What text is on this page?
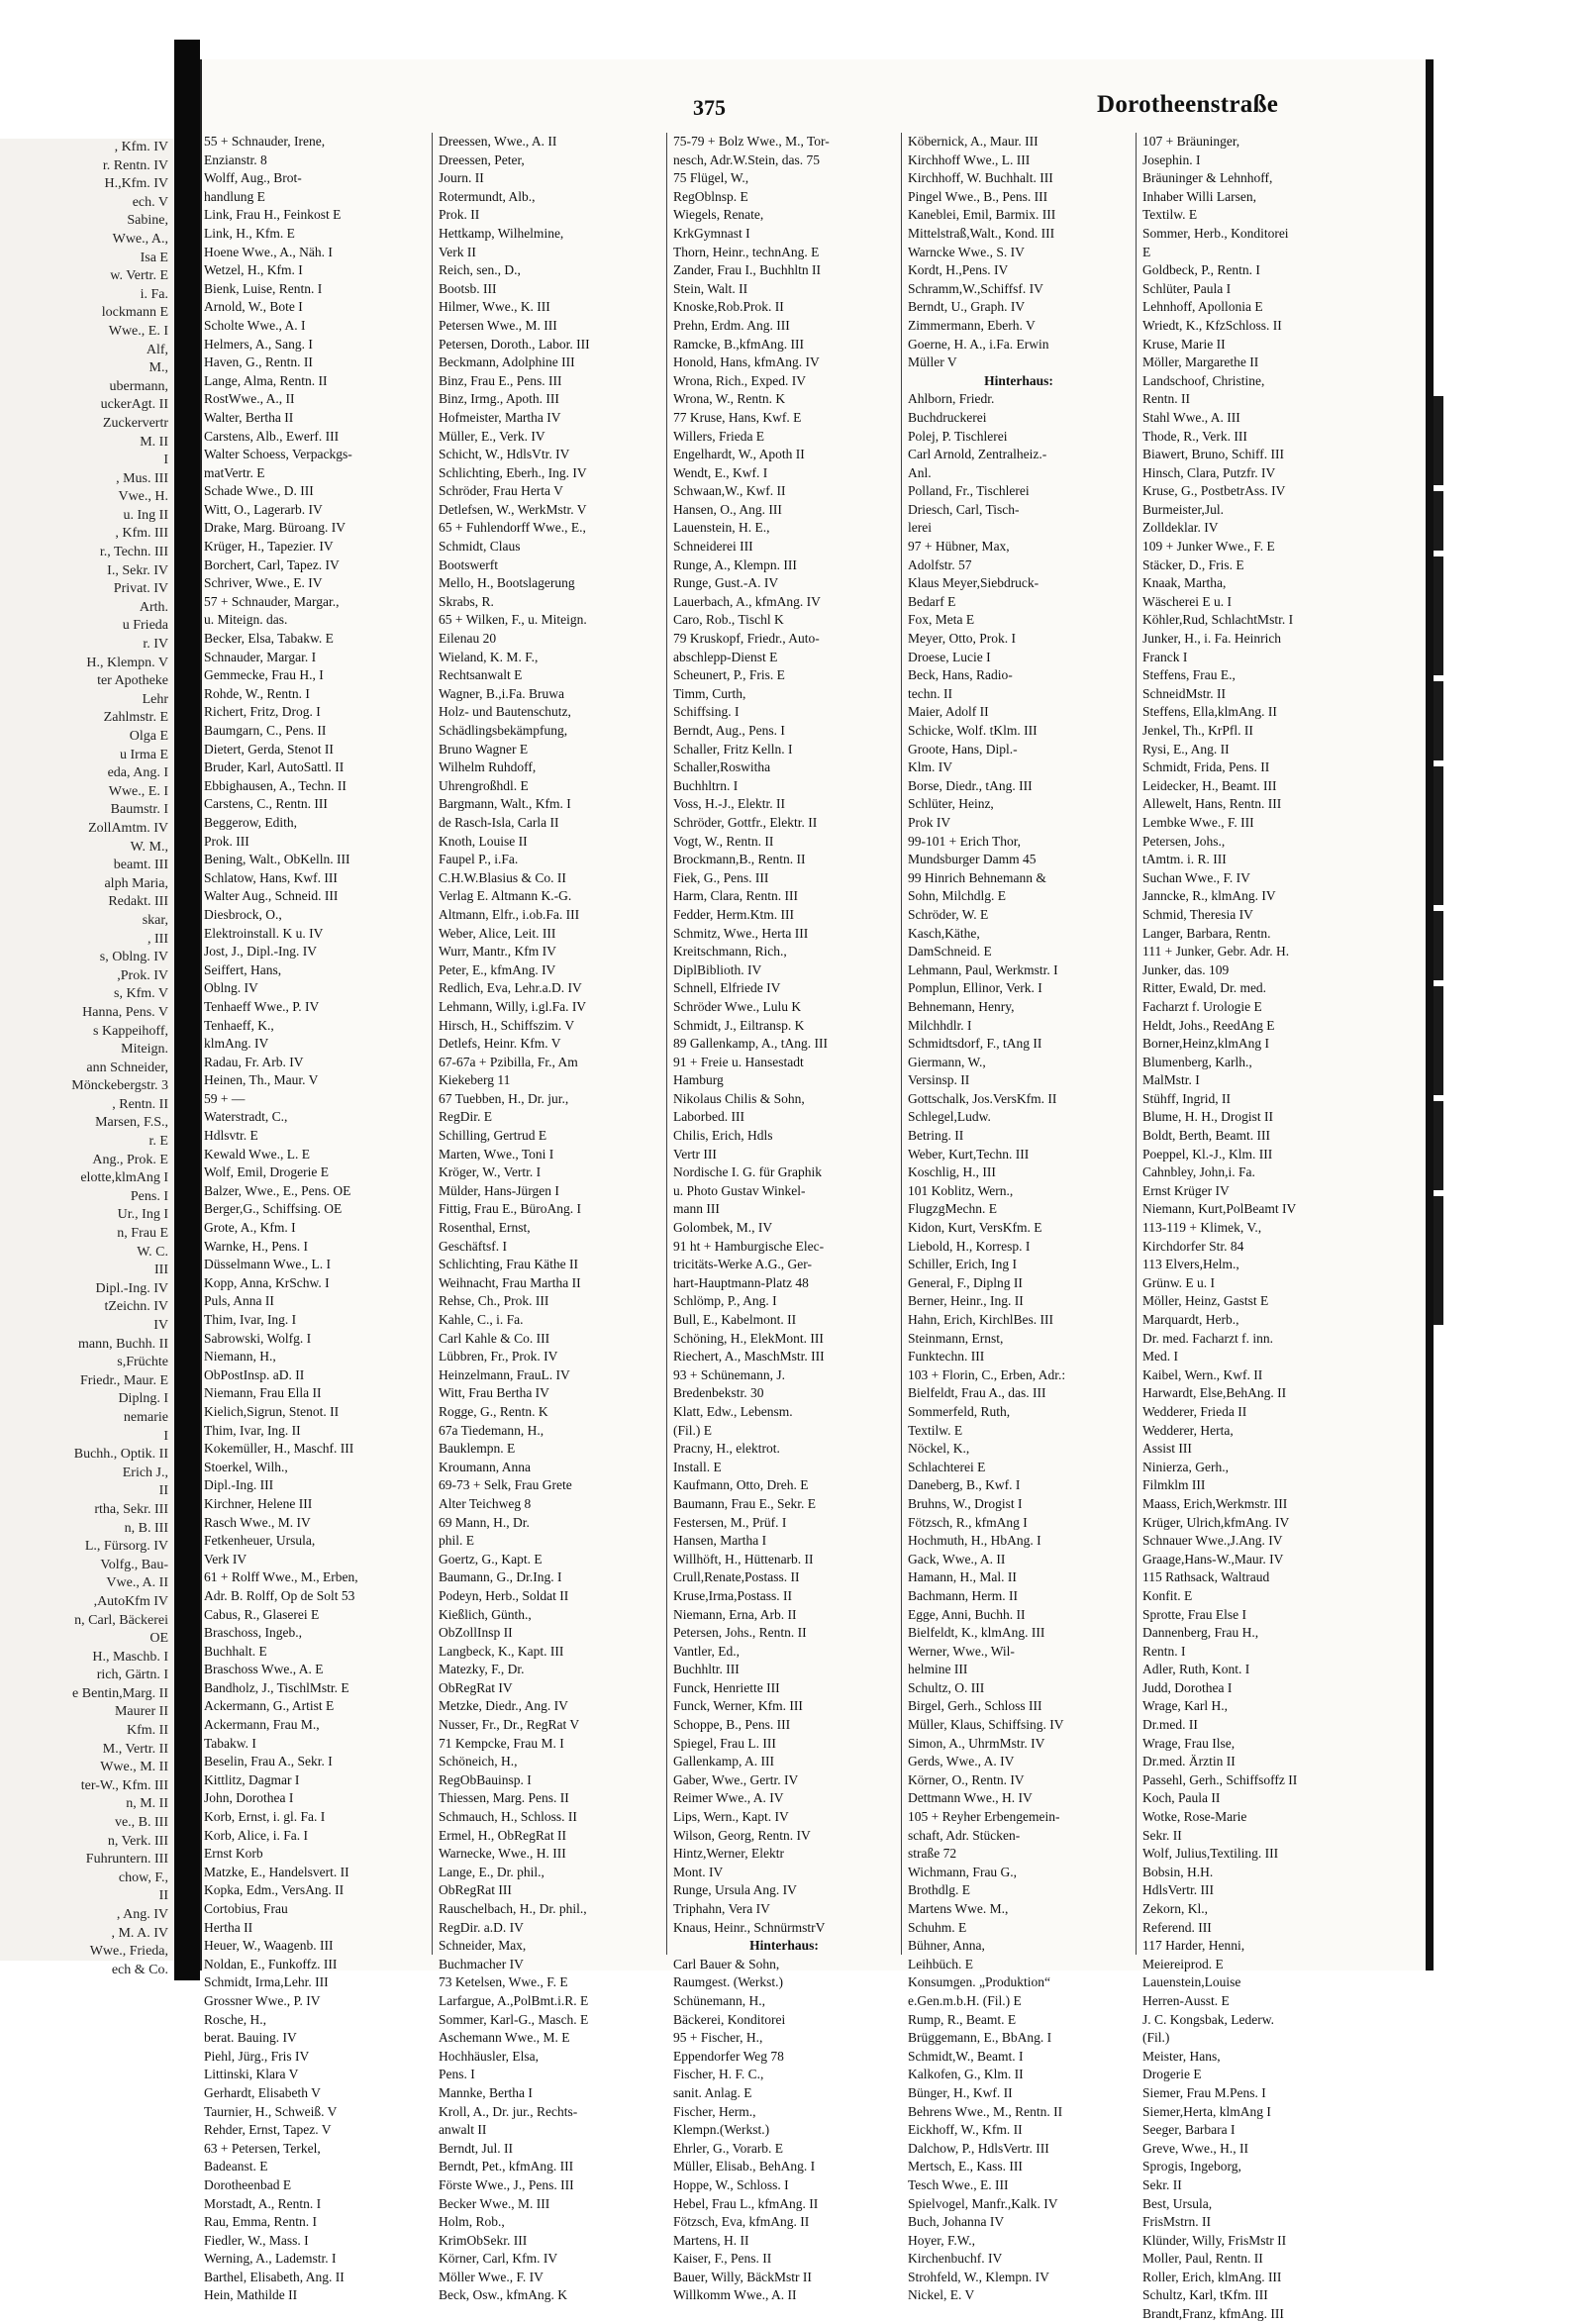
, Kfm. IV
r. Rentn. IV
H.,Kfm. IV
ech. V
Sabine,
Wwe., A.,
Isa E
w. Vertr. E
i. Fa.
lockmann E
Wwe., E. I
Alf,
M.,
ubermann,
uckerAgt. II
Zuckervertr
M. II
I
, Mus. III
Vwe., H.
u. Ing II
, Kfm. III
r., Techn. III
I., Sekr. IV
Privat. IV
Arth.
u Frieda
r. IV
H., Klempn. V
ter Apotheke
Lehr
Zahlmstr. E
Olga E
u Irma E
eda, Ang. I
Wwe., E. I
Baumstr. I
ZollAmtm. IV
W. M.,
beamt. III
alph Maria,
Redakt. III
skar,
, III
s, Oblng. IV
,Prok. IV
s, Kfm. V
Hanna, Pens. V
s Kappeihoff,
Miteign.
ann Schneider,
Mönckebergstr. 3
, Rentn. II
Marsen, F.S.,
r. E
Ang., Prok. E
elotte,klmAng I
Pens. I
Ur., Ing I
n, Frau E
W. C.
III
Dipl.-Ing. IV
tZeichn. IV
IV
mann, Buchh. II
s,Früchte
Friedr., Maur. E
Diplng. I
nemarie
I
Buchh., Optik. II
Erich J.,
II
rtha, Sekr. III
n, B. III
L., Fürsorg. IV
Volfg., Bau-
Vwe., A. II
,AutoKfm IV
n, Carl, Bäckerei
OE
H., Maschb. I
rich, Gärtn. I
e Bentin,Marg. II
Maurer II
Kfm. II
M., Vertr. II
Wwe., M. II
ter-W., Kfm. III
n, M. II
ve., B. III
n, Verk. III
Fuhruntern. III
chow, F.,
II
, Ang. IV
, M. A. IV
Wwe., Frieda,
ech & Co.
375	Dorotheenstraße
55 + Schnauder, Irene,
Enzianstr. 8
Wolff, Aug., Brot-
handlung E
Link, Frau H., Feinkost E
Link, H., Kfm. E
Hoene Wwe., A., Näh. I
Wetzel, H., Kfm. I
Bienk, Luise, Rentn. I
Arnold, W., Bote I
Scholte Wwe., A. I
Helmers, A., Sang. I
Haven, G., Rentn. II
Lange, Alma, Rentn. II
RostWwe., A., II
Walter, Bertha II
Carstens, Alb., Ewerf. III
Walter Schoess, Verpackgs-
matVertr. E
Schade Wwe., D. III
Witt, O., Lagerarb. IV
Drake, Marg. Büroang. IV
Krüger, H., Tapezier. IV
Borchert, Carl, Tapez. IV
Schriver, Wwe., E. IV
57 + Schnauder, Margar.,
u. Miteign. das.
Becker, Elsa, Tabakw. E
Schnauder, Margar. I
Gemmecke, Frau H., I
Rohde, W., Rentn. I
Richert, Fritz, Drog. I
Baumgarn, C., Pens. II
Dietert, Gerda, Stenot II
Bruder, Karl, AutoSattl. II
Ebbighausen, A., Techn. II
Carstens, C., Rentn. III
Beggerow, Edith,
Prok. III
Bening, Walt., ObKelln. III
Schlatow, Hans, Kwf. III
Walter Aug., Schneid. III
Diesbrock, O.,
Elektroinstall. K u. IV
Jost, J., Dipl.-Ing. IV
Seiffert, Hans,
Oblng. IV
Tenhaeff Wwe., P. IV
Tenhaeff, K.,
klmAng. IV
Radau, Fr. Arb. IV
Heinen, Th., Maur. V
59 + —
Waterstradt, C.,
Hdlsvtr. E
Kewald Wwe., L. E
Wolf, Emil, Drogerie E
Balzer, Wwe., E., Pens. OE
Berger,G., Schiffsing. OE
Grote, A., Kfm. I
Warnke, H., Pens. I
Düsselmann Wwe., L. I
Kopp, Anna, KrSchw. I
Puls, Anna II
Thim, Ivar, Ing. I
Sabrowski, Wolfg. I
Niemann, H.,
ObPostInsp. aD. II
Niemann, Frau Ella II
Kielich,Sigrun, Stenot. II
Thim, Ivar, Ing. II
Kokemüller, H., Maschf. III
Stoerkel, Wilh.,
Dipl.-Ing. III
Kirchner, Helene III
Rasch Wwe., M. IV
Fetkenheuer, Ursula,
Verk IV
61 + Rolff Wwe., M., Erben,
Adr. B. Rolff, Op de Solt 53
Cabus, R., Glaserei E
Braschoss, Ingeb.,
Buchhalt. E
Braschoss Wwe., A. E
Bandholz, J., TischlMstr. E
Ackermann, G., Artist E
Ackermann, Frau M.,
Tabakw. I
Beselin, Frau A., Sekr. I
Kittlitz, Dagmar I
John, Dorothea I
Korb, Ernst, i. gl. Fa. I
Korb, Alice, i. Fa. I
Ernst Korb
Matzke, E., Handelsvert. II
Kopka, Edm., VersAng. II
Cortobius, Frau
Hertha II
Heuer, W., Waagenb. III
Noldan, E., Funkoffz. III
Schmidt, Irma,Lehr. III
Grossner Wwe., P. IV
Rosche, H.,
berat. Bauing. IV
Piehl, Jürg., Fris IV
Littinski, Klara V
Gerhardt, Elisabeth V
Taurnier, H., Schweiß. V
Rehder, Ernst, Tapez. V
63 + Petersen, Terkel,
Badeanst. E
Dorotheenbad E
Morstadt, A., Rentn. I
Rau, Emma, Rentn. I
Fiedler, W., Mass. I
Werning, A., Lademstr. I
Barthel, Elisabeth, Ang. II
Hein, Mathilde II
Dreessen, Wwe., A. II
Dreessen, Peter,
Journ. II
Rotermundt, Alb.,
Prok. II
Hettkamp, Wilhelmine,
Verk II
Reich, sen., D.,
Bootsb. III
Hilmer, Wwe., K. III
Petersen Wwe., M. III
Petersen, Doroth., Labor. III
Beckmann, Adolphine III
Binz, Frau E., Pens. III
Binz, Irmg., Apoth. III
Hofmeister, Martha IV
Müller, E., Verk. IV
Schicht, W., HdlsVtr. IV
Schlichting, Eberh., Ing. IV
Schröder, Frau Herta V
Detlefsen, W., WerkMstr. V
65 + Fuhlendorff Wwe., E.,
Schmidt, Claus
Bootswerft
Mello, H., Bootslagerung
Skrabs, R.
65 + Wilken, F., u. Miteign.
Eilenau 20
Wieland, K. M. F.,
Rechtsanwalt E
Wagner, B.,i.Fa. Bruwa
Holz- und Bautenschutz,
Schädlingsbekämpfung,
Bruno Wagner E
Wilhelm Ruhdoff,
Uhrengroßhdl. E
Bargmann, Walt., Kfm. I
de Rasch-Isla, Carla II
Knoth, Louise II
Faupel P., i.Fa.
C.H.W.Blasius & Co. II
Verlag E. Altmann K.-G.
Altmann, Elfr., i.ob.Fa. III
Weber, Alice, Leit. III
Wurr, Mantr., Kfm IV
Peter, E., kfmAng. IV
Redlich, Eva, Lehr.a.D. IV
Lehmann, Willy, i.gl.Fa. IV
Hirsch, H., Schiffszim. V
Detlefs, Heinr. Kfm. V
67-67a + Pzibilla, Fr., Am
Kiekeberg 11
67 Tuebben, H., Dr. jur.,
RegDir. E
Schilling, Gertrud E
Marten, Wwe., Toni I
Kröger, W., Vertr. I
Mülder, Hans-Jürgen I
Fittig, Frau E., BüroAng. I
Rosenthal, Ernst,
Geschäftsf. I
Schlichting, Frau Käthe II
Weihnacht, Frau Martha II
Rehse, Ch., Prok. III
Kahle, C., i. Fa.
Carl Kahle & Co. III
Lübbren, Fr., Prok. IV
Heinzelmann, FrauL. IV
Witt, Frau Bertha IV
Rogge, G., Rentn. K
67a Tiedemann, H.,
Bauklempn. E
Kroumann, Anna
69-73 + Selk, Frau Grete
Alter Teichweg 8
69 Mann, H., Dr.
phil. E
Goertz, G., Kapt. E
Baumann, G., Dr.Ing. I
Podeyn, Herb., Soldat II
Kießlich, Günth.,
ObZollInsp II
Langbeck, K., Kapt. III
Matezky, F., Dr.
ObRegRat IV
Metzke, Diedr., Ang. IV
Nusser, Fr., Dr., RegRat V
71 Kempcke, Frau M. I
Schöneich, H.,
RegObBauinsp. I
Thiessen, Marg. Pens. II
Schmauch, H., Schloss. II
Ermel, H., ObRegRat II
Warnecke, Wwe., H. III
Lange, E., Dr. phil.,
ObRegRat III
Rauschelbach, H., Dr. phil.,
RegDir. a.D. IV
Schneider, Max,
Buchmacher IV
73 Ketelsen, Wwe., F. E
Larfargue, A.,PolBmt.i.R. E
Sommer, Karl-G., Masch. E
Aschemann Wwe., M. E
Hochhäusler, Elsa,
Pens. I
Mannke, Bertha I
Kroll, A., Dr. jur., Rechts-
anwalt II
Berndt, Jul. II
Berndt, Pet., kfmAng. III
Förste Wwe., J., Pens. III
Becker Wwe., M. III
Holm, Rob.,
KrimObSekr. III
Körner, Carl, Kfm. IV
Möller Wwe., F. IV
Beck, Osw., kfmAng. K
75-79 + Bolz Wwe., M., Tor-
nesch, Adr.W.Stein, das. 75
75 Flügel, W.,
RegOblnsp. E
Wiegels, Renate,
KrkGymnast I
Thorn, Heinr., technAng. E
Zander, Frau I., Buchhltn II
Stein, Walt. II
Knoske,Rob.Prok. II
Prehn, Erdm. Ang. III
Ramcke, B.,kfmAng. III
Honold, Hans, kfmAng. IV
Wrona, Rich., Exped. IV
Wrona, W., Rentn. K
77 Kruse, Hans, Kwf. E
Willers, Frieda E
Engelhardt, W., Apoth II
Wendt, E., Kwf. I
Schwaan,W., Kwf. II
Hansen, O., Ang. III
Lauenstein, H. E.,
Schneiderei III
Runge, A., Klempn. III
Runge, Gust.-A. IV
Lauerbach, A., kfmAng. IV
Caro, Rob., Tischl K
79 Kruskopf, Friedr., Auto-
abschlepp-Dienst E
Scheunert, P., Fris. E
Timm, Curth,
Schiffsing. I
Berndt, Aug., Pens. I
Schaller, Fritz Kelln. I
Schaller,Roswitha
Buchhltrn. I
Voss, H.-J., Elektr. II
Schröder, Gottfr., Elektr. II
Vogt, W., Rentn. II
Brockmann,B., Rentn. II
Fiek, G., Pens. III
Harm, Clara, Rentn. III
Fedder, Herm.Ktm. III
Schmitz, Wwe., Herta III
Kreitschmann, Rich.,
DiplBiblioth. IV
Schnell, Elfriede IV
Schröder Wwe., Lulu K
Schmidt, J., Eiltransp. K
89 Gallenkamp, A., tAng. III
91 + Freie u. Hansestadt
Hamburg
Nikolaus Chilis & Sohn,
Laborbed. III
Chilis, Erich, Hdls
Vertr III
Nordische I. G. für Graphik
u. Photo Gustav Winkel-
mann III
Golombek, M., IV
91 ht + Hamburgische Elec-
tricitäts-Werke A.G., Ger-
hart-Hauptmann-Platz 48
Schlömp, P., Ang. I
Bull, E., Kabelmont. II
Schöning, H., ElekMont. III
Riechert, A., MaschMstr. III
93 + Schünemann, J.
Bredenbekstr. 30
Klatt, Edw., Lebensm.
(Fil.) E
Pracny, H., elektrot.
Install. E
Kaufmann, Otto, Dreh. E
Baumann, Frau E., Sekr. E
Festersen, M., Prüf. I
Hansen, Martha I
Willhöft, H., Hüttenarb. II
Crull,Renate,Postass. II
Kruse,Irma,Postass. II
Niemann, Erna, Arb. II
Petersen, Johs., Rentn. II
Vantler, Ed.,
Buchhltr. III
Funck, Henriette III
Funck, Werner, Kfm. III
Schoppe, B., Pens. III
Spiegel, Frau L. III
Gallenkamp, A. III
Gaber, Wwe., Gertr. IV
Reimer Wwe., A. IV
Lips, Wern., Kapt. IV
Wilson, Georg, Rentn. IV
Hintz,Werner, Elektr
Mont. IV
Runge, Ursula Ang. IV
Triphahn, Vera IV
Knaus, Heinr., SchnürmstrV
Hinterhaus:
Carl Bauer & Sohn,
Raumgest. (Werkst.)
Schünemann, H.,
Bäckerei, Konditorei
95 + Fischer, H.,
Eppendorfer Weg 78
Fischer, H. F. C.,
sanit. Anlag. E
Fischer, Herm.,
Klempn.(Werkst.)
Ehrler, G., Vorarb. E
Müller, Elisab., BehAng. I
Hoppe, W., Schloss. I
Hebel, Frau L., kfmAng. II
Fötzsch, Eva, kfmAng. II
Martens, H. II
Kaiser, F., Pens. II
Bauer, Willy, BäckMstr II
Willkomm Wwe., A. II
Köbernick, A., Maur. III
Kirchhoff Wwe., L. III
Kirchhoff, W. Buchhalt. III
Pingel Wwe., B., Pens. III
Kaneblei, Emil, Barmix. III
Mittelstraß,Walt., Kond. III
Warncke Wwe., S. IV
Kordt, H.,Pens. IV
Schramm,W.,Schiffsf. IV
Berndt, U., Graph. IV
Zimmermann, Eberh. V
Goerne, H. A., i.Fa. Erwin
Müller V
Hinterhaus:
Ahlborn, Friedr.
Buchdruckerei
Polej, P. Tischlerei
Carl Arnold, Zentralheiz.-
Anl.
Polland, Fr., Tischlerei
Driesch, Carl, Tisch-
lerei
97 + Hübner, Max,
Adolfstr. 57
Klaus Meyer,Siebdruck-
Bedarf E
Fox, Meta E
Meyer, Otto, Prok. I
Droese, Lucie I
Beck, Hans, Radio-
techn. II
Maier, Adolf II
Schicke, Wolf. tKlm. III
Groote, Hans, Dipl.-
Klm. IV
Borse, Diedr., tAng. III
Schlüter, Heinz,
Prok IV
99-101 + Erich Thor,
Mundsburger Damm 45
99 Hinrich Behnemann &
Sohn, Milchdlg. E
Schröder, W. E
Kasch,Käthe,
DamSchneid. E
Lehmann, Paul, Werkmstr. I
Pomplun, Ellinor, Verk. I
Behnemann, Henry,
Milchhdlr. I
Schmidtsdorf, F., tAng II
Giermann, W.,
Versinsp. II
Gottschalk, Jos.VersKfm. II
Schlegel,Ludw.
Betring. II
Weber, Kurt,Techn. III
Koschlig, H., III
101 Koblitz, Wern.,
FlugzgMechn. E
Kidon, Kurt, VersKfm. E
Liebold, H., Korresp. I
Schiller, Erich, Ing I
General, F., Diplng II
Berner, Heinr., Ing. II
Hahn, Erich, KirchlBes. III
Steinmann, Ernst,
Funktechn. III
103 + Florin, C., Erben, Adr.:
Bielfeldt, Frau A., das. III
Sommerfeld, Ruth,
Textilw. E
Nöckel, K.,
Schlachterei E
Daneberg, B., Kwf. I
Bruhns, W., Drogist I
Fötzsch, R., kfmAng I
Hochmuth, H., HbAng. I
Gack, Wwe., A. II
Hamann, H., Mal. II
Bachmann, Herm. II
Egge, Anni, Buchh. II
Bielfeldt, K., klmAng. III
Werner, Wwe., Wil-
helmine III
Schultz, O. III
Birgel, Gerh., Schloss III
Müller, Klaus, Schiffsing. IV
Simon, A., UhrmMstr. IV
Gerds, Wwe., A. IV
Körner, O., Rentn. IV
Dettmann Wwe., H. IV
105 + Reyher Erbengemein-
schaft, Adr. Stücken-
straße 72
Wichmann, Frau G.,
Brothdlg. E
Martens Wwe. M.,
Schuhm. E
Bühner, Anna,
Leihbüch. E
Konsumgen. „Produktion“
e.Gen.m.b.H. (Fil.) E
Rump, R., Beamt. E
Brüggemann, E., BbAng. I
Schmidt,W., Beamt. I
Kalkofen, G., Klm. II
Bünger, H., Kwf. II
Behrens Wwe., M., Rentn. II
Eickhoff, W., Kfm. II
Dalchow, P., HdlsVertr. III
Mertsch, E., Kass. III
Tesch Wwe., E. III
Spielvogel, Manfr.,Kalk. IV
Buch, Johanna IV
Hoyer, F.W.,
Kirchenbuchf. IV
Strohfeld, W., Klempn. IV
Nickel, E. V
107 + Bräuninger,
Josephin. I
Bräuninger & Lehnhoff,
Inhaber Willi Larsen,
Textilw. E
Sommer, Herb., Konditorei
E
Goldbeck, P., Rentn. I
Schlüter, Paula I
Lehnhoff, Apollonia E
Wriedt, K., KfzSchloss. II
Kruse, Marie II
Möller, Margarethe II
Landschoof, Christine,
Rentn. II
Stahl Wwe., A. III
Thode, R., Verk. III
Biawert, Bruno, Schiff. III
Hinsch, Clara, Putzfr. IV
Kruse, G., PostbetrAss. IV
Burmeister,Jul.
Zolldeklar. IV
109 + Junker Wwe., F. E
Stäcker, D., Fris. E
Knaak, Martha,
Wäscherei E u. I
Köhler,Rud, SchlachtMstr. I
Junker, H., i. Fa. Heinrich
Franck I
Steffens, Frau E.,
SchneidMstr. II
Steffens, Ella,klmAng. II
Jenkel, Th., KrPfl. II
Rysi, E., Ang. II
Schmidt, Frida, Pens. II
Leidecker, H., Beamt. III
Allewelt, Hans, Rentn. III
Lembke Wwe., F. III
Petersen, Johs.,
tAmtm. i. R. III
Suchan Wwe., F. IV
Janncke, R., klmAng. IV
Schmid, Theresia IV
Langer, Barbara, Rentn.
111 + Junker, Gebr. Adr. H.
Junker, das. 109
Ritter, Ewald, Dr. med.
Facharzt f. Urologie E
Heldt, Johs., ReedAng E
Borner,Heinz,klmAng I
Blumenberg, Karlh.,
MalMstr. I
Stühff, Ingrid, II
Blume, H. H., Drogist II
Boldt, Berth, Beamt. III
Poeppel, Kl.-J., Klm. III
Cahnbley, John,i. Fa.
Ernst Krüger IV
Niemann, Kurt,PolBeamt IV
113-119 + Klimek, V.,
Kirchdorfer Str. 84
113 Elvers,Helm.,
Grünw. E u. I
Möller, Heinz, Gastst E
Marquardt, Herb.,
Dr. med. Facharzt f. inn.
Med. I
Kaibel, Wern., Kwf. II
Harwardt, Else,BehAng. II
Wedderer, Frieda II
Wedderer, Herta,
Assist III
Ninierza, Gerh.,
Filmklm III
Maass, Erich,Werkmstr. III
Krüger, Ulrich,kfmAng. IV
Schnauer Wwe.,J.Ang. IV
Graage,Hans-W.,Maur. IV
115 Rathsack, Waltraud
Konfit. E
Sprotte, Frau Else I
Dannenberg, Frau H.,
Rentn. I
Adler, Ruth, Kont. I
Judd, Dorothea I
Wrage, Karl H.,
Dr.med. II
Wrage, Frau Ilse,
Dr.med. Ärztin II
Passehl, Gerh., Schiffsoffz II
Koch, Paula II
Wotke, Rose-Marie
Sekr. II
Wolf, Julius,Textiling. III
Bobsin, H.H.
HdlsVertr. III
Zekorn, Kl.,
Referend. III
117 Harder, Henni,
Meiereiprod. E
Lauenstein,Louise
Herren-Ausst. E
J. C. Kongsbak, Lederw.
(Fil.)
Meister, Hans,
Drogerie E
Siemer, Frau M.Pens. I
Siemer,Herta, klmAng I
Seeger, Barbara I
Greve, Wwe., H., II
Sprogis, Ingeborg,
Sekr. II
Best, Ursula,
FrisMstrn. II
Klünder, Willy, FrisMstr II
Moller, Paul, Rentn. II
Roller, Erich, klmAng. III
Schultz, Karl, tKfm. III
Brandt,Franz, kfmAng. III
